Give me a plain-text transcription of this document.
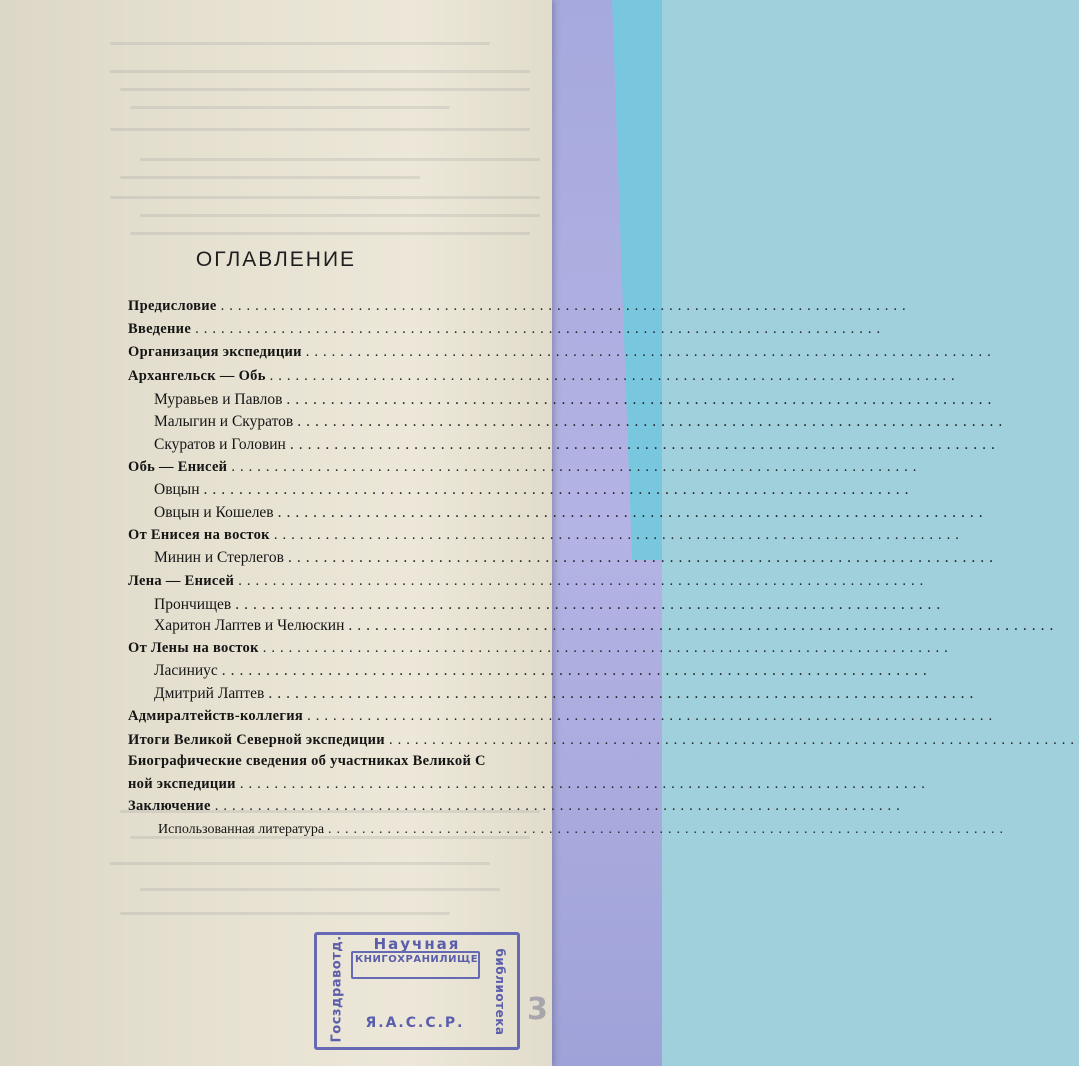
ОГЛАВЛЕНИЕ
Предисловие ................................................................................
Введение ................................................................................
Организация экспедиции ................................................................................
Архангельск — Обь ................................................................................
Муравьев и Павлов ................................................................................
Малыгин и Скуратов ................................................................................
Скуратов и Головин ................................................................................
Обь — Енисей ................................................................................
Овцын ................................................................................
Овцын и Кошелев ................................................................................
От Енисея на восток ................................................................................
Минин и Стерлегов ................................................................................
Лена — Енисей ................................................................................
Прончищев ................................................................................
Харитон Лаптев и Челюскин ................................................................................
От Лены на восток ................................................................................
Ласиниус ................................................................................
Дмитрий Лаптев ................................................................................
Адмиралтейств-коллегия ................................................................................
Итоги Великой Северной экспедиции ................................................................................
Биографические сведения об участниках Великой С
ной экспедиции ................................................................................
Заключение ................................................................................
Использованная литература ................................................................................
Научная
КНИГОХРАНИЛИЩЕ
Я.А.С.С.Р.
Госздравотд.	библиотека 3
